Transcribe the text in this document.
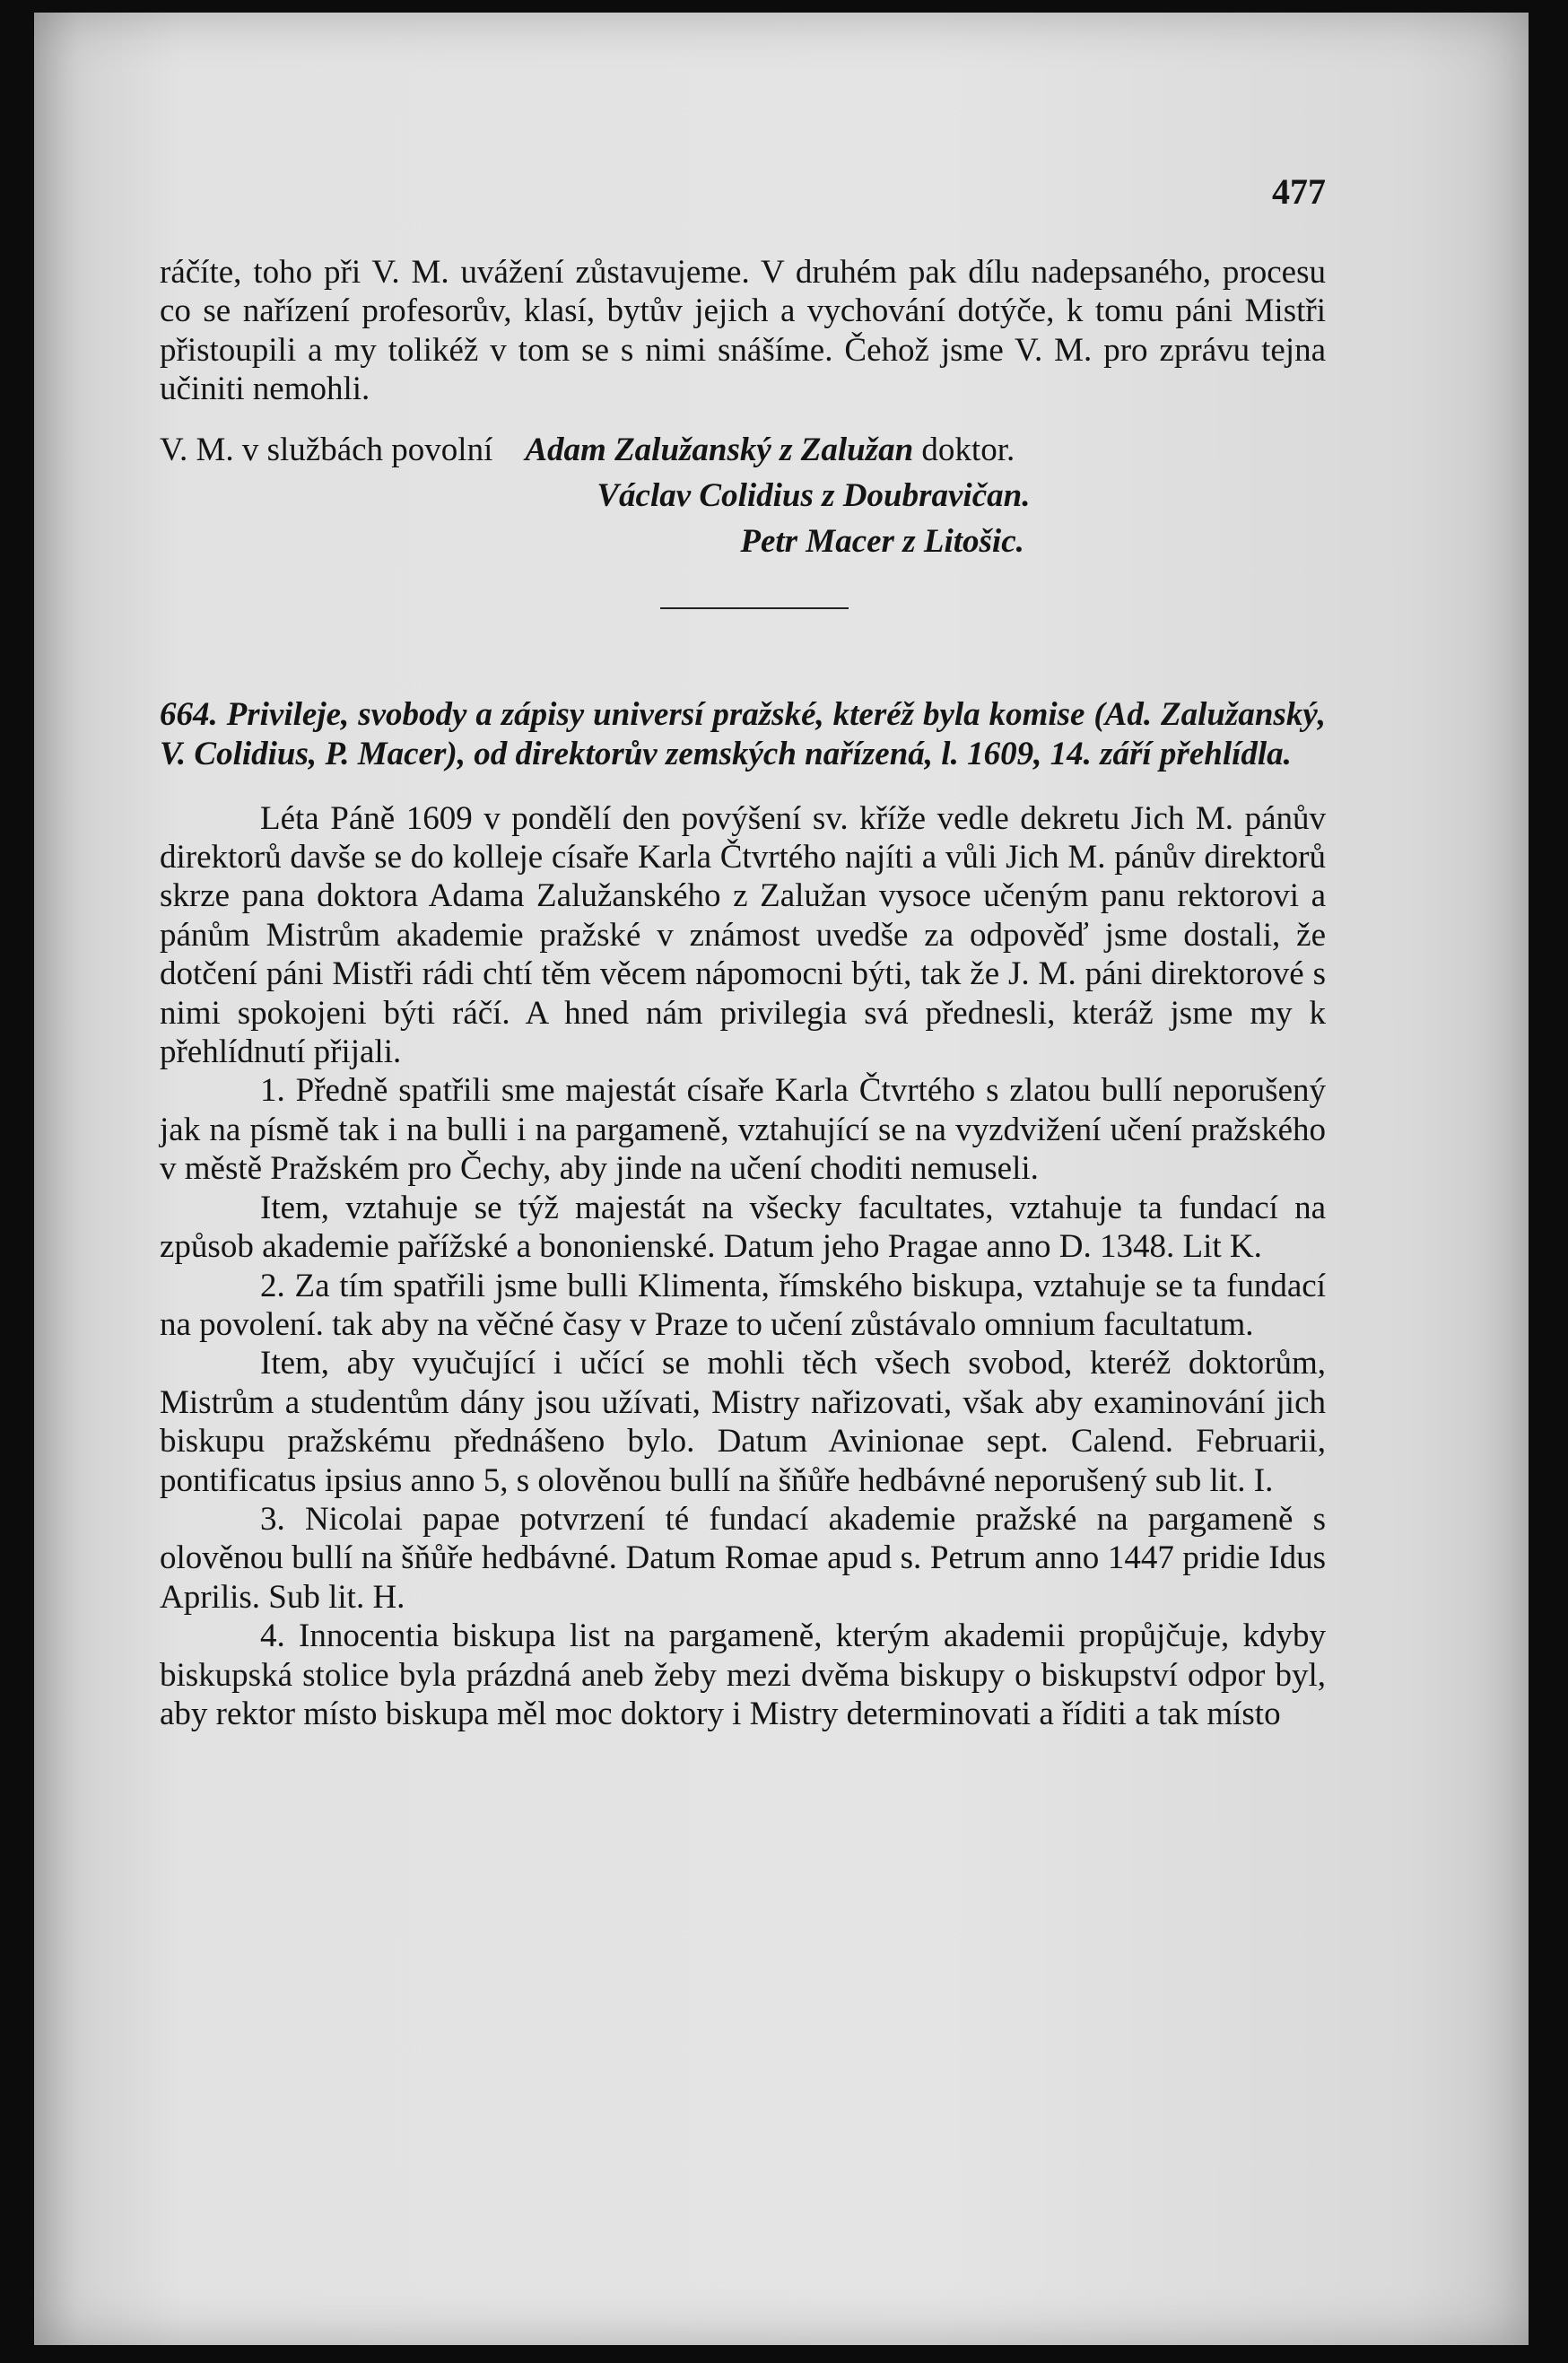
477

ráčíte, toho při V. M. uvážení zůstavujeme. V druhém pak dílu nadepsaného, procesu co se nařízení profesorův, klasí, bytův jejich a vychování dotýče, k tomu páni Mistři přistoupili a my tolikéž v tom se s nimi snášíme. Čehož jsme V. M. pro zprávu tejna učiniti nemohli.

V. M. v službách povolní Adam Zalužanský z Zalužan doktor.
Václav Colidius z Doubravičan.
Petr Macer z Litošic.
664. Privileje, svobody a zápisy universí pražské, kteréž byla komise (Ad. Zalužanský, V. Colidius, P. Macer), od direktorův zemských nařízená, l. 1609, 14. září přehlídla.

Léta Páně 1609 v pondělí den povýšení sv. kříže vedle dekretu Jich M. pánův direktorů davše se do kolleje císaře Karla Čtvrtého najíti a vůli Jich M. pánův direktorů skrze pana doktora Adama Zalužanského z Zalužan vysoce učeným panu rektorovi a pánům Mistrům akademie pražské v známost uvedše za odpověď jsme dostali, že dotčení páni Mistři rádi chtí těm věcem nápomocni býti, tak že J. M. páni direktorové s nimi spokojeni býti ráčí. A hned nám privilegia svá přednesli, kteráž jsme my k přehlídnutí přijali.

1. Předně spatřili sme majestát císaře Karla Čtvrtého s zlatou bullí neporušený jak na písmě tak i na bulli i na pargameně, vztahující se na vyzdvižení učení pražského v městě Pražském pro Čechy, aby jinde na učení choditi nemuseli.

Item, vztahuje se týž majestát na všecky facultates, vztahuje ta fundací na způsob akademie pařížské a bononienské. Datum jeho Pragae anno D. 1348. Lit K.

2. Za tím spatřili jsme bulli Klimenta, římského biskupa, vztahuje se ta fundací na povolení. tak aby na věčné časy v Praze to učení zůstávalo omnium facultatum.

Item, aby vyučující i učící se mohli těch všech svobod, kteréž doktorům, Mistrům a studentům dány jsou užívati, Mistry nařizovati, však aby examinování jich biskupu pražskému přednášeno bylo. Datum Avinionae sept. Calend. Februarii, pontificatus ipsius anno 5, s olověnou bullí na šňůře hedbávné neporušený sub lit. I.

3. Nicolai papae potvrzení té fundací akademie pražské na pargameně s olověnou bullí na šňůře hedbávné. Datum Romae apud s. Petrum anno 1447 pridie Idus Aprilis. Sub lit. H.

4. Innocentia biskupa list na pargameně, kterým akademii propůjčuje, kdyby biskupská stolice byla prázdná aneb žeby mezi dvěma biskupy o biskupství odpor byl, aby rektor místo biskupa měl moc doktory i Mistry determinovati a říditi a tak místo
